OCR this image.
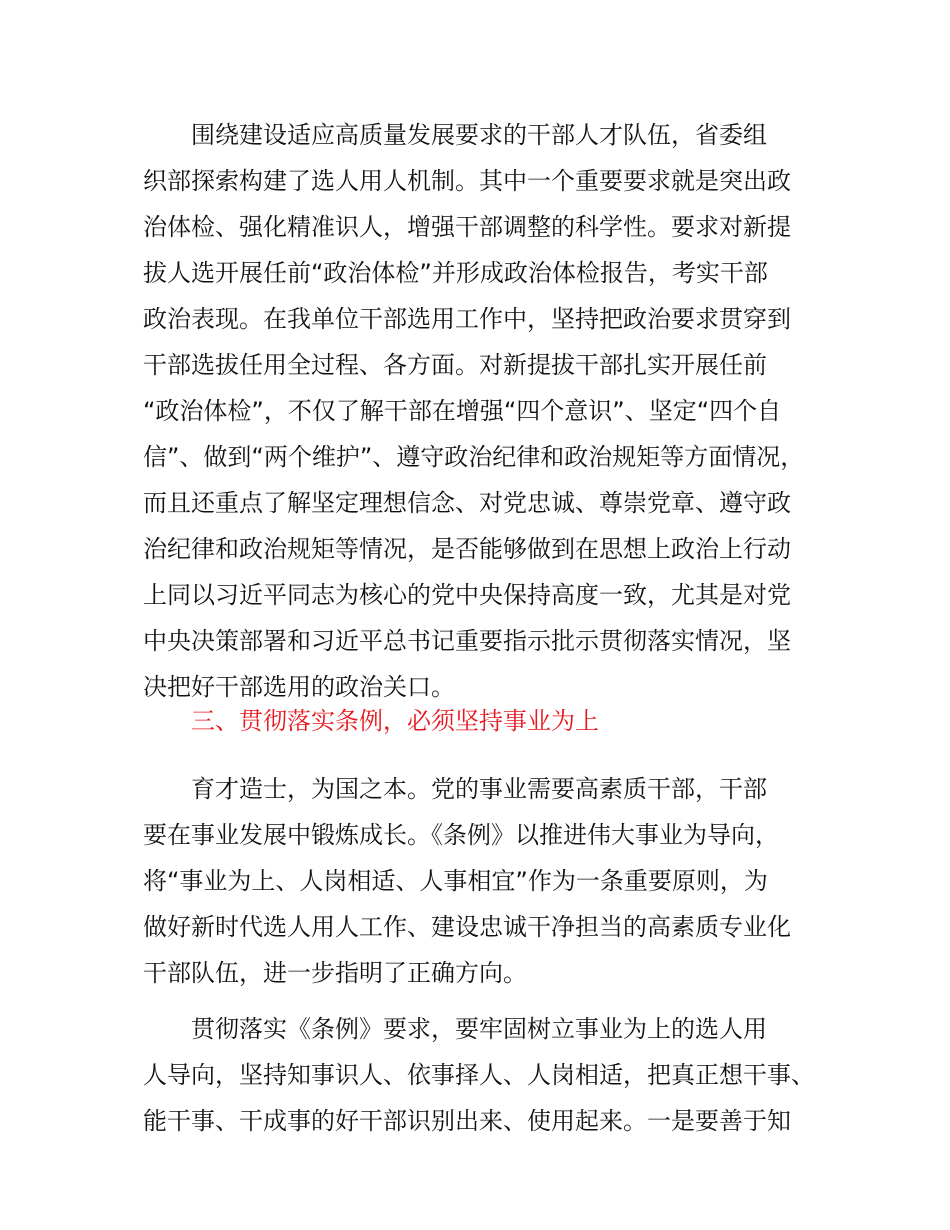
围绕建设适应高质量发展要求的干部人才队伍，省委组
织部探索构建了选人用人机制。其中一个重要要求就是突出政
治体检、强化精准识人，增强干部调整的科学性。要求对新提
拔人选开展任前“政治体检”并形成政治体检报告，考实干部
政治表现。在我单位干部选用工作中，坚持把政治要求贯穿到
干部选拔任用全过程、各方面。对新提拔干部扎实开展任前
“政治体检”，不仅了解干部在增强“四个意识”、坚定“四个自
信”、做到“两个维护”、遵守政治纪律和政治规矩等方面情况，
而且还重点了解坚定理想信念、对党忠诚、尊崇党章、遵守政
治纪律和政治规矩等情况，是否能够做到在思想上政治上行动
上同以习近平同志为核心的党中央保持高度一致，尤其是对党
中央决策部署和习近平总书记重要指示批示贯彻落实情况，坚
决把好干部选用的政治关口。
三、贯彻落实条例，必须坚持事业为上
育才造士，为国之本。党的事业需要高素质干部，干部
要在事业发展中锻炼成长。《条例》以推进伟大事业为导向，
将“事业为上、人岗相适、人事相宜”作为一条重要原则，为
做好新时代选人用人工作、建设忠诚干净担当的高素质专业化
干部队伍，进一步指明了正确方向。
贯彻落实《条例》要求，要牢固树立事业为上的选人用
人导向，坚持知事识人、依事择人、人岗相适，把真正想干事、
能干事、干成事的好干部识别出来、使用起来。一是要善于知
